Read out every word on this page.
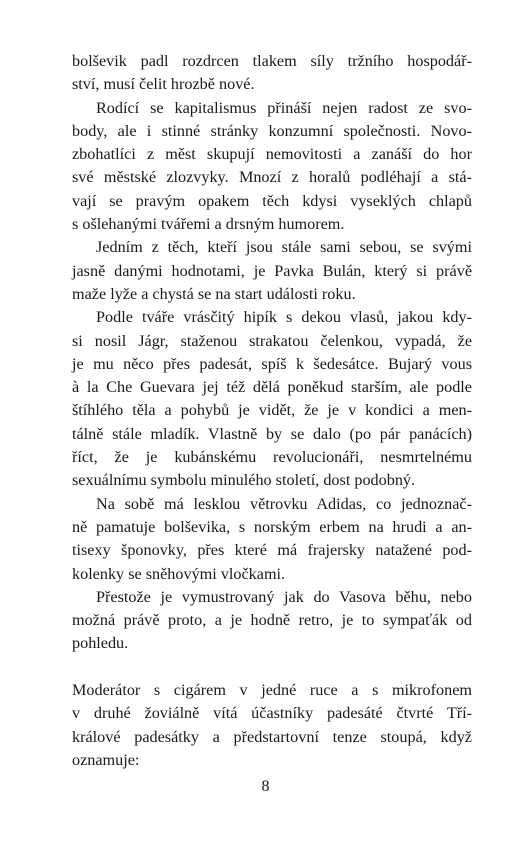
bolševik padl rozdrcen tlakem síly tržního hospodář-
ství, musí čelit hrozbě nové.
Rodící se kapitalismus přináší nejen radost ze svo-
body, ale i stinné stránky konzumní společnosti. Novo-
zbohatlíci z měst skupují nemovitosti a zanáší do hor
své městské zlozvyky. Mnozí z horalů podléhají a stá-
vají se pravým opakem těch kdysi vyseklých chlapů
s ošlehanými tvářemi a drsným humorem.
Jedním z těch, kteří jsou stále sami sebou, se svými
jasně danými hodnotami, je Pavka Bulán, který si právě
maže lyže a chystá se na start události roku.
Podle tváře vrásčitý hipík s dekou vlasů, jakou kdy-
si nosil Jágr, staženou strakatou čelenkou, vypadá, že
je mu něco přes padesát, spíš k šedesátce. Bujarý vous
à la Che Guevara jej též dělá poněkud starším, ale podle
štíhlého těla a pohybů je vidět, že je v kondici a men-
tálně stále mladík. Vlastně by se dalo (po pár panácích)
říct, že je kubánskému revolucionáři, nesmrtelnému
sexuálnímu symbolu minulého století, dost podobný.
Na sobě má lesklou větrovku Adidas, co jednoznač-
ně pamatuje bolševika, s norským erbem na hrudi a an-
tisexy šponovky, přes které má frajersky natažené pod-
kolenky se sněhovými vločkami.
Přestože je vymustrovaný jak do Vasova běhu, nebo
možná právě proto, a je hodně retro, je to sympaťák od
pohledu.
Moderátor s cigárem v jedné ruce a s mikrofonem
v druhé žoviálně vítá účastníky padesáté čtvrté Tří-
králové padesátky a předstartovní tenze stoupá, když
oznamuje:
8
